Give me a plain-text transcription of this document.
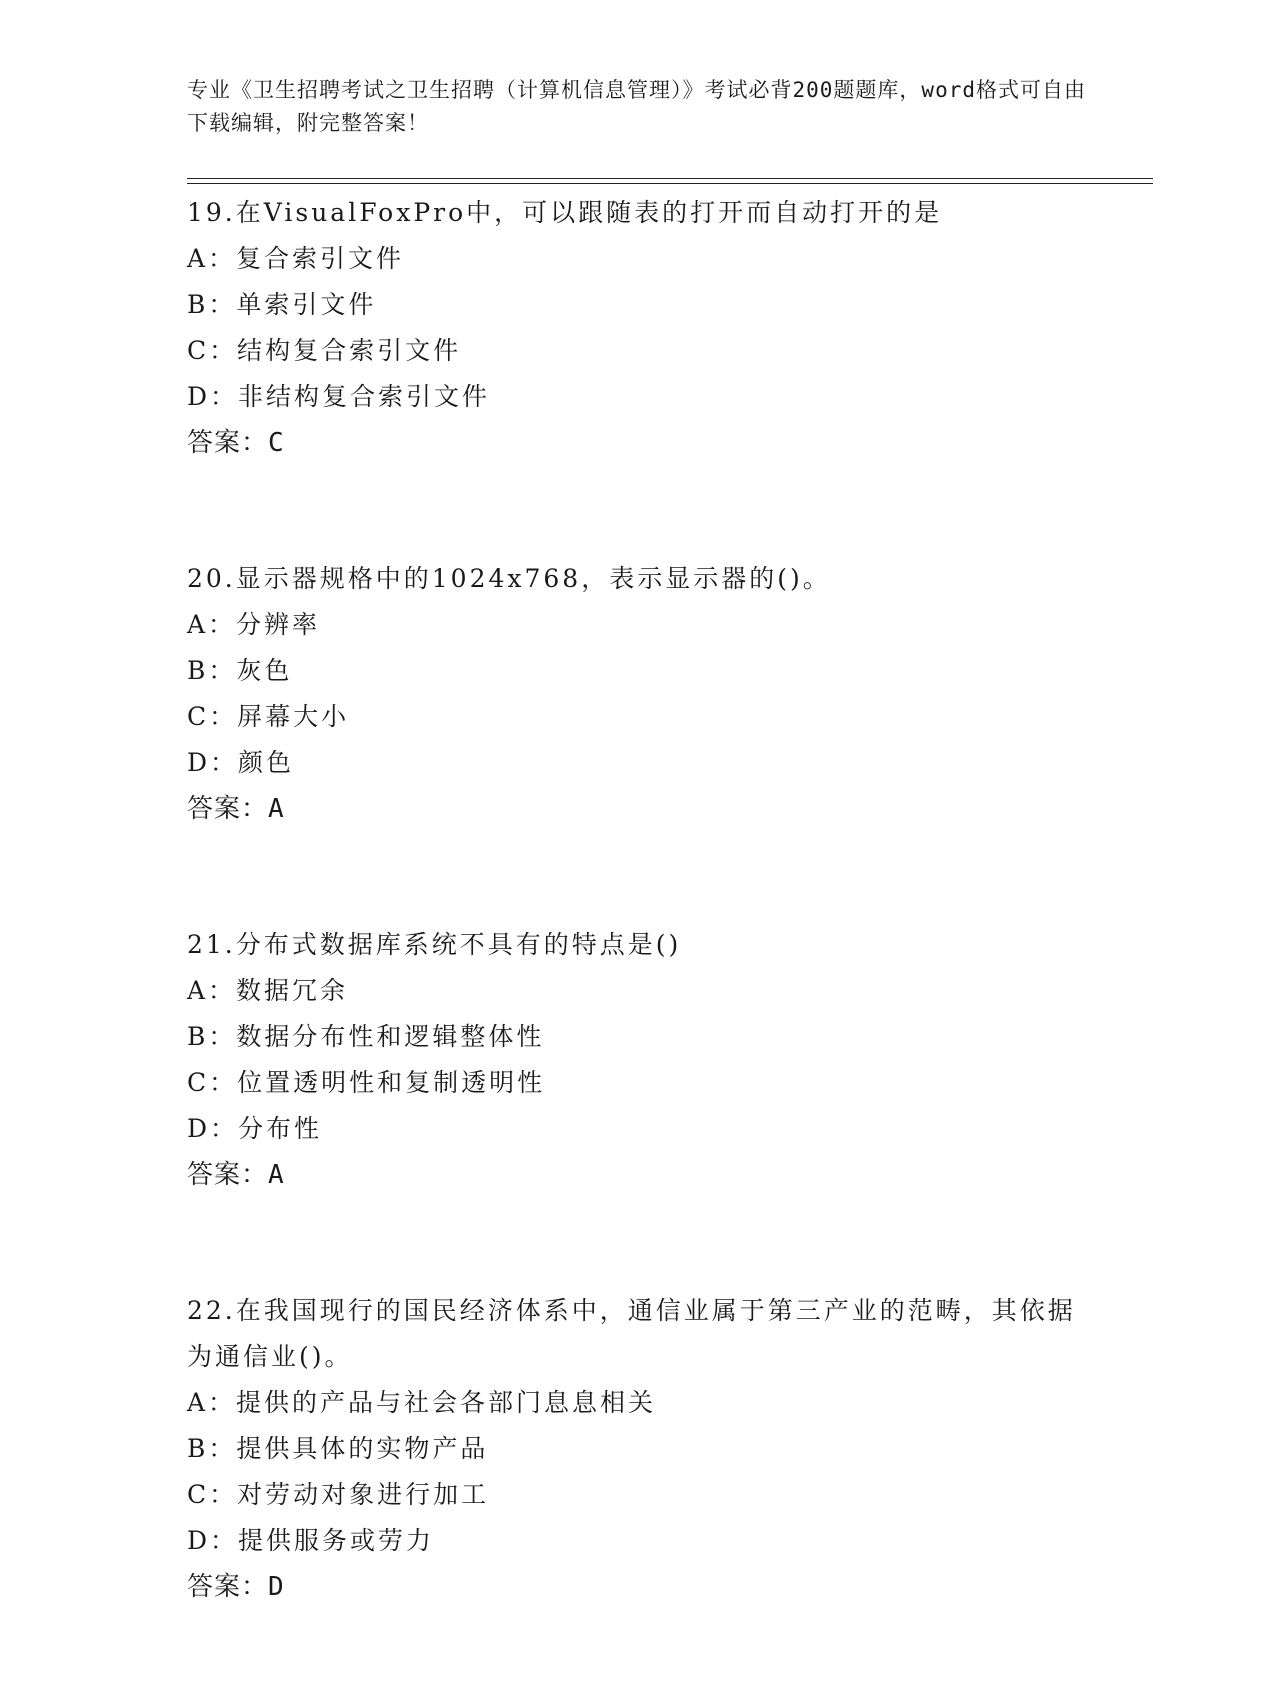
专业《卫生招聘考试之卫生招聘（计算机信息管理）》考试必背200题题库，word格式可自由下载编辑，附完整答案！

19.在VisualFoxPro中，可以跟随表的打开而自动打开的是

A：复合索引文件

B：单索引文件

C：结构复合索引文件

D：非结构复合索引文件

答案：C

20.显示器规格中的1024x768，表示显示器的()。

A：分辨率

B：灰色

C：屏幕大小

D：颜色

答案：A

21.分布式数据库系统不具有的特点是()

A：数据冗余

B：数据分布性和逻辑整体性

C：位置透明性和复制透明性

D：分布性

答案：A

22.在我国现行的国民经济体系中，通信业属于第三产业的范畴，其依据为通信业()。

A：提供的产品与社会各部门息息相关

B：提供具体的实物产品

C：对劳动对象进行加工

D：提供服务或劳力

答案：D
